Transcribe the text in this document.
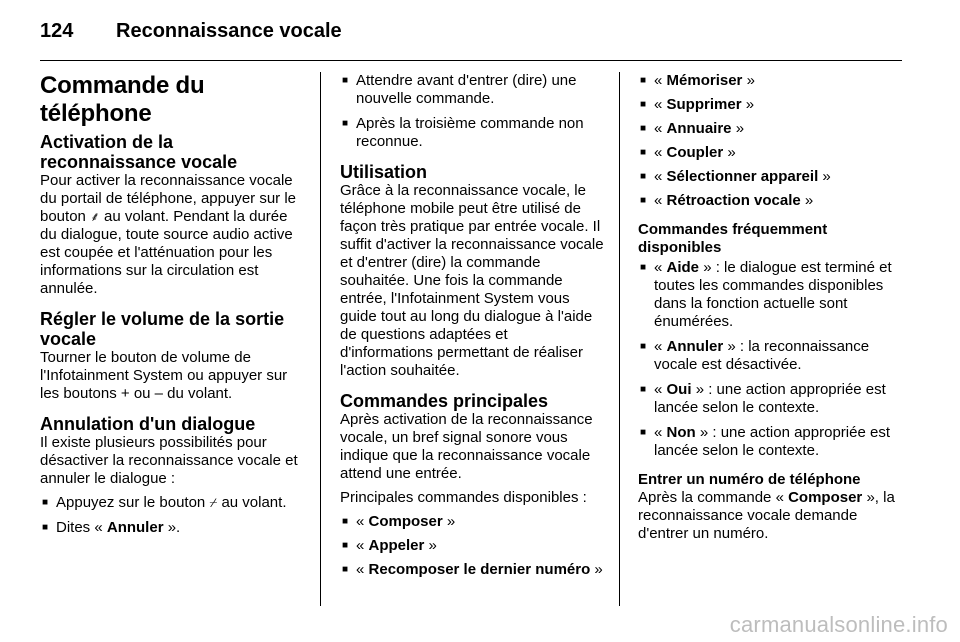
124 Reconnaissance vocale
Commande du téléphone
Activation de la reconnaissance vocale

Pour activer la reconnaissance vocale du portail de téléphone, appuyer sur le bouton ⸙ au volant. Pendant la durée du dialogue, toute source audio active est coupée et l'atténuation pour les informations sur la circulation est annulée.

Régler le volume de la sortie vocale

Tourner le bouton de volume de l'Infotainment System ou appuyer sur les boutons + ou – du volant.

Annulation d'un dialogue

Il existe plusieurs possibilités pour désactiver la reconnaissance vocale et annuler le dialogue :

■ Appuyez sur le bouton ⌿ au volant.
■ Dites « Annuler ».
■ Attendre avant d'entrer (dire) une nouvelle commande.
■ Après la troisième commande non reconnue.
Utilisation

Grâce à la reconnaissance vocale, le téléphone mobile peut être utilisé de façon très pratique par entrée vocale. Il suffit d'activer la reconnaissance vocale et d'entrer (dire) la commande souhaitée. Une fois la commande entrée, l'Infotainment System vous guide tout au long du dialogue à l'aide de questions adaptées et d'informations permettant de réaliser l'action souhaitée.

Commandes principales

Après activation de la reconnaissance vocale, un bref signal sonore vous indique que la reconnaissance vocale attend une entrée.

Principales commandes disponibles :

■ « Composer »
■ « Appeler »
■ « Recomposer le dernier numéro »
■ « Mémoriser »
■ « Supprimer »
■ « Annuaire »
■ « Coupler »
■ « Sélectionner appareil »
■ « Rétroaction vocale »
Commandes fréquemment disponibles
■ « Aide » : le dialogue est terminé et toutes les commandes disponibles dans la fonction actuelle sont énumérées.
■ « Annuler » : la reconnaissance vocale est désactivée.
■ « Oui » : une action appropriée est lancée selon le contexte.
■ « Non » : une action appropriée est lancée selon le contexte.
Entrer un numéro de téléphone

Après la commande « Composer », la reconnaissance vocale demande d'entrer un numéro.

carmanualsonline.info
